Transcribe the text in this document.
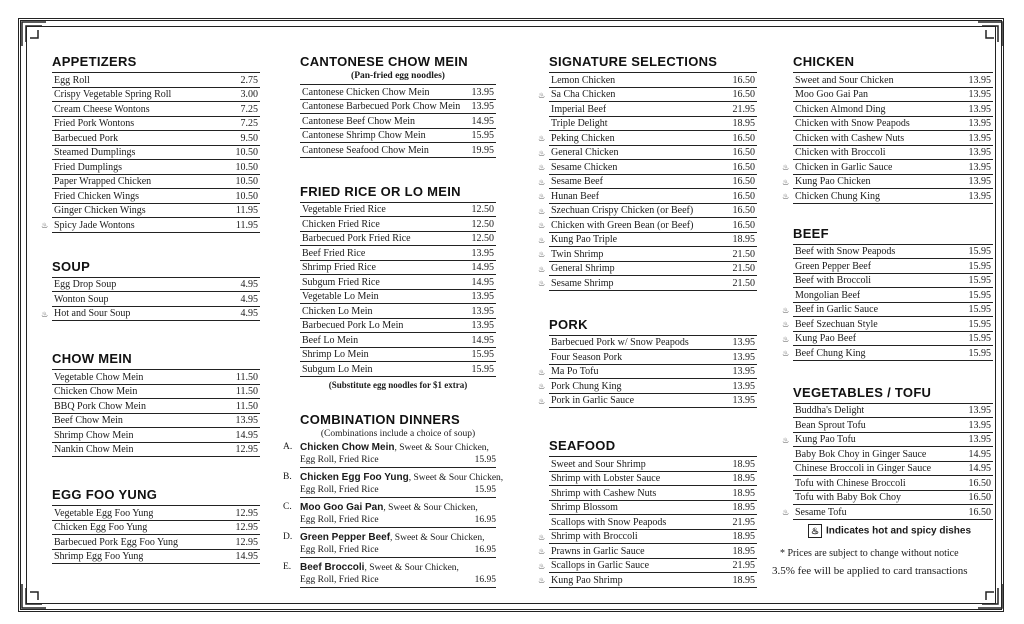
APPETIZERS
Egg Roll	2.75
Crispy Vegetable Spring Roll	3.00
Cream Cheese Wontons	7.25
Fried Pork Wontons	7.25
Barbecued Pork	9.50
Steamed Dumplings	10.50
Fried Dumplings	10.50
Paper Wrapped Chicken	10.50
Fried Chicken Wings	10.50
Ginger Chicken Wings	11.95
♨ Spicy Jade Wontons	11.95
SOUP
Egg Drop Soup	4.95
Wonton Soup	4.95
♨ Hot and Sour Soup	4.95
CHOW MEIN
Vegetable Chow Mein	11.50
Chicken Chow Mein	11.50
BBQ Pork Chow Mein	11.50
Beef Chow Mein	13.95
Shrimp Chow Mein	14.95
Nankin Chow Mein	12.95
EGG FOO YUNG
Vegetable Egg Foo Yung	12.95
Chicken Egg Foo Yung	12.95
Barbecued Pork Egg Foo Yung	12.95
Shrimp Egg Foo Yung	14.95
CANTONESE CHOW MEIN
(Pan-fried egg noodles)
Cantonese Chicken Chow Mein	13.95
Cantonese Barbecued Pork Chow Mein 13.95
Cantonese Beef Chow Mein	14.95
Cantonese Shrimp Chow Mein	15.95
Cantonese Seafood Chow Mein	19.95
FRIED RICE OR LO MEIN
Vegetable Fried Rice	12.50
Chicken Fried Rice	12.50
Barbecued Pork Fried Rice	12.50
Beef Fried Rice	13.95
Shrimp Fried Rice	14.95
Subgum Fried Rice	14.95
Vegetable Lo Mein	13.95
Chicken Lo Mein	13.95
Barbecued Pork Lo Mein	13.95
Beef Lo Mein	14.95
Shrimp Lo Mein	15.95
Subgum Lo Mein	15.95
(Substitute egg noodles for $1 extra)
COMBINATION DINNERS
(Combinations include a choice of soup)
A. Chicken Chow Mein, Sweet & Sour Chicken,
Egg Roll, Fried Rice	15.95
B. Chicken Egg Foo Yung, Sweet & Sour Chicken,
Egg Roll, Fried Rice	15.95
C. Moo Goo Gai Pan, Sweet & Sour Chicken,
Egg Roll, Fried Rice	16.95
D. Green Pepper Beef, Sweet & Sour Chicken,
Egg Roll, Fried Rice	16.95
E. Beef Broccoli, Sweet & Sour Chicken,
Egg Roll, Fried Rice	16.95
SIGNATURE SELECTIONS
Lemon Chicken	16.50
♨ Sa Cha Chicken	16.50
Imperial Beef	21.95
Triple Delight	18.95
♨ Peking Chicken	16.50
♨ General Chicken	16.50
♨ Sesame Chicken	16.50
♨ Sesame Beef	16.50
♨ Hunan Beef	16.50
♨ Szechuan Crispy Chicken (or Beef)	16.50
♨ Chicken with Green Bean (or Beef)	16.50
♨ Kung Pao Triple	18.95
♨ Twin Shrimp	21.50
♨ General Shrimp	21.50
♨ Sesame Shrimp	21.50
PORK
Barbecued Pork w/ Snow Peapods	13.95
Four Season Pork	13.95
♨ Ma Po Tofu	13.95
♨ Pork Chung King	13.95
♨ Pork in Garlic Sauce	13.95
SEAFOOD
Sweet and Sour Shrimp	18.95
Shrimp with Lobster Sauce	18.95
Shrimp with Cashew Nuts	18.95
Shrimp Blossom	18.95
Scallops with Snow Peapods	21.95
♨ Shrimp with Broccoli	18.95
♨ Prawns in Garlic Sauce	18.95
♨ Scallops in Garlic Sauce	21.95
♨ Kung Pao Shrimp	18.95
CHICKEN
Sweet and Sour Chicken	13.95
Moo Goo Gai Pan	13.95
Chicken Almond Ding	13.95
Chicken with Snow Peapods	13.95
Chicken with Cashew Nuts	13.95
Chicken with Broccoli	13.95
♨ Chicken in Garlic Sauce	13.95
♨ Kung Pao Chicken	13.95
♨ Chicken Chung King	13.95
BEEF
Beef with Snow Peapods	15.95
Green Pepper Beef	15.95
Beef with Broccoli	15.95
Mongolian Beef	15.95
♨ Beef in Garlic Sauce	15.95
♨ Beef Szechuan Style	15.95
♨ Kung Pao Beef	15.95
♨ Beef Chung King	15.95
VEGETABLES / TOFU
Buddha's Delight	13.95
Bean Sprout Tofu	13.95
♨ Kung Pao Tofu	13.95
Baby Bok Choy in Ginger Sauce	14.95
Chinese Broccoli in Ginger Sauce	14.95
Tofu with Chinese Broccoli	16.50
Tofu with Baby Bok Choy	16.50
♨ Sesame Tofu	16.50
♨ Indicates hot and spicy dishes
* Prices are subject to change without notice
3.5% fee will be applied to card transactions
